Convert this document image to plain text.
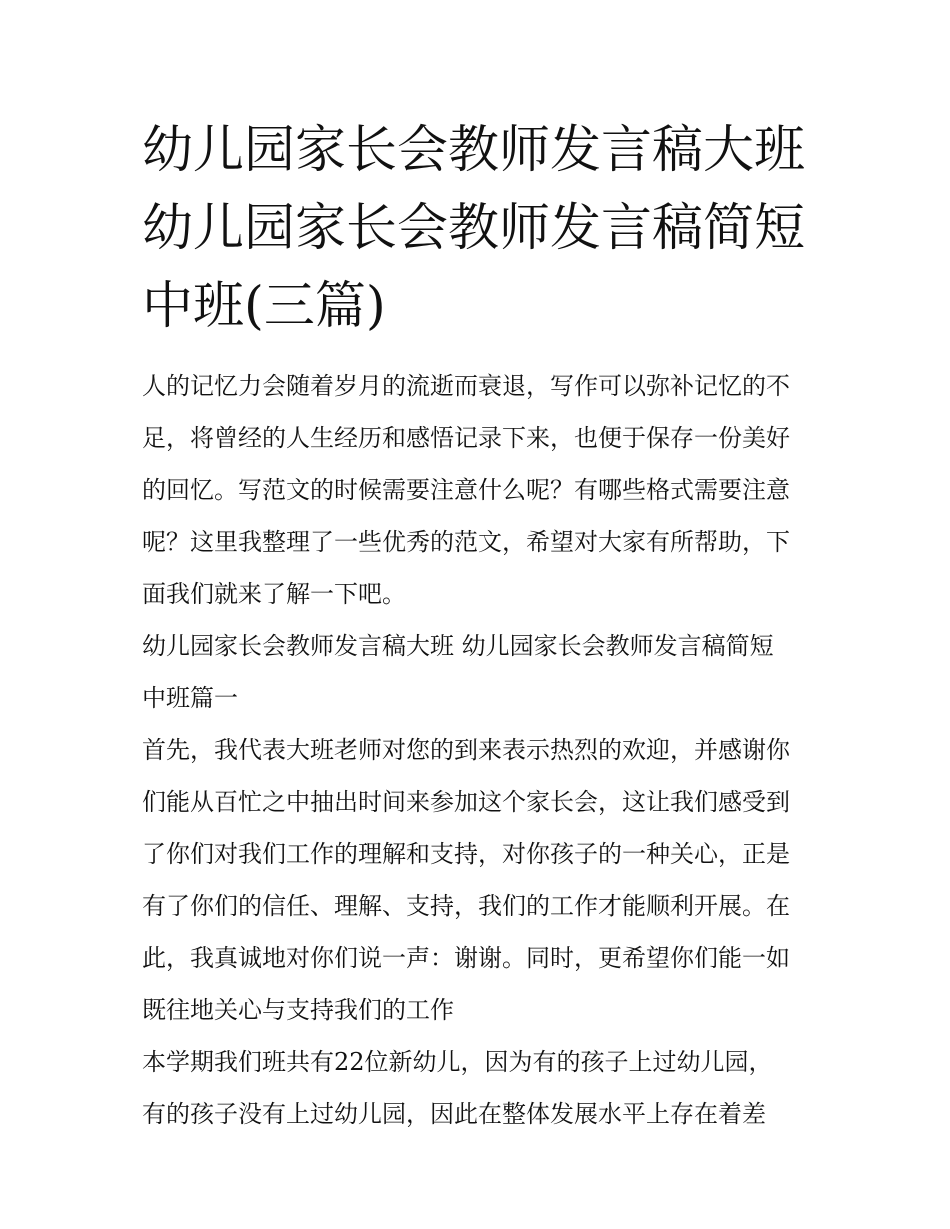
幼儿园家长会教师发言稿大班
幼儿园家长会教师发言稿简短
中班(三篇)

人的记忆力会随着岁月的流逝而衰退，写作可以弥补记忆的不
足，将曾经的人生经历和感悟记录下来，也便于保存一份美好
的回忆。写范文的时候需要注意什么呢？有哪些格式需要注意
呢？这里我整理了一些优秀的范文，希望对大家有所帮助，下
面我们就来了解一下吧。

幼儿园家长会教师发言稿大班 幼儿园家长会教师发言稿简短
中班篇一

首先，我代表大班老师对您的到来表示热烈的欢迎，并感谢你
们能从百忙之中抽出时间来参加这个家长会，这让我们感受到
了你们对我们工作的理解和支持，对你孩子的一种关心，正是
有了你们的信任、理解、支持，我们的工作才能顺利开展。在
此，我真诚地对你们说一声：谢谢。同时，更希望你们能一如
既往地关心与支持我们的工作

本学期我们班共有22位新幼儿，因为有的孩子上过幼儿园，
有的孩子没有上过幼儿园，因此在整体发展水平上存在着差
